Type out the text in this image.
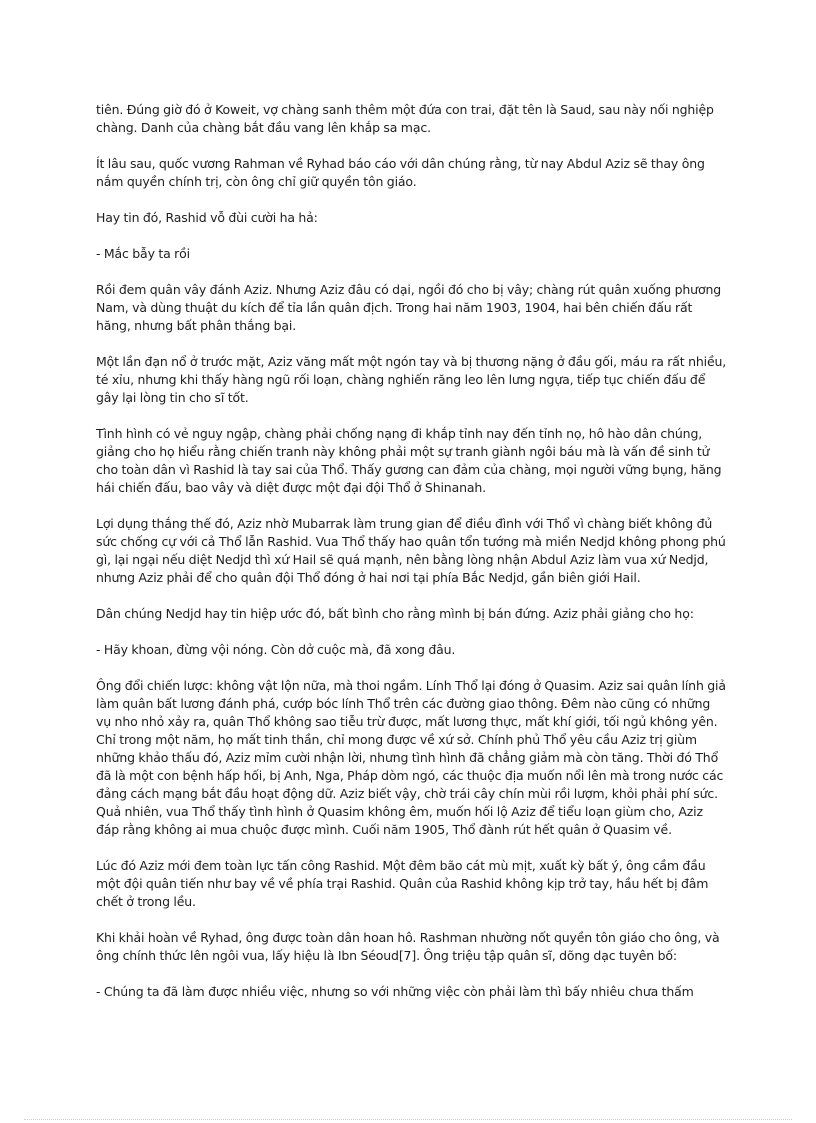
tiên. Đúng giờ đó ở Koweit, vợ chàng sanh thêm một đứa con trai, đặt tên là Saud, sau này nối nghiệp chàng. Danh của chàng bắt đầu vang lên khắp sa mạc.

Ít lâu sau, quốc vương Rahman về Ryhad báo cáo với dân chúng rằng, từ nay Abdul Aziz sẽ thay ông nắm quyền chính trị, còn ông chỉ giữ quyền tôn giáo.

Hay tin đó, Rashid vỗ đùi cười ha hả:

- Mắc bẫy ta rồi

Rồi đem quân vây đánh Aziz. Nhưng Aziz đâu có dại, ngồi đó cho bị vây; chàng rút quân xuống phương Nam, và dùng thuật du kích để tỉa lần quân địch. Trong hai năm 1903, 1904, hai bên chiến đấu rất hăng, nhưng bất phân thắng bại.

Một lần đạn nổ ở trước mặt, Aziz văng mất một ngón tay và bị thương nặng ở đầu gối, máu ra rất nhiều, té xỉu, nhưng khi thấy hàng ngũ rối loạn, chàng nghiến răng leo lên lưng ngựa, tiếp tục chiến đấu để gây lại lòng tin cho sĩ tốt.

Tình hình có vẻ nguy ngập, chàng phải chống nạng đi khắp tỉnh nay đến tỉnh nọ, hô hào dân chúng, giảng cho họ hiểu rằng chiến tranh này không phải một sự tranh giành ngôi báu mà là vấn đề sinh tử cho toàn dân vì Rashid là tay sai của Thổ. Thấy gương can đảm của chàng, mọi người vững bụng, hăng hái chiến đấu, bao vây và diệt được một đại đội Thổ ở Shinanah.

Lợi dụng thắng thế đó, Aziz nhờ Mubarrak làm trung gian để điều đình với Thổ vì chàng biết không đủ sức chống cự với cả Thổ lẫn Rashid. Vua Thổ thấy hao quân tổn tướng mà miền Nedjd không phong phú gì, lại ngại nếu diệt Nedjd thì xứ Hail sẽ quá mạnh, nên bằng lòng nhận Abdul Aziz làm vua xứ Nedjd, nhưng Aziz phải để cho quân đội Thổ đóng ở hai nơi tại phía Bắc Nedjd, gần biên giới Hail.

Dân chúng Nedjd hay tin hiệp ước đó, bất bình cho rằng mình bị bán đứng. Aziz phải giảng cho họ:

- Hãy khoan, đừng vội nóng. Còn dở cuộc mà, đã xong đâu.

Ông đổi chiến lược: không vật lộn nữa, mà thoi ngầm. Lính Thổ lại đóng ở Quasim. Aziz sai quân lính giả làm quân bất lương đánh phá, cướp bóc lính Thổ trên các đường giao thông. Đêm nào cũng có những vụ nho nhỏ xảy ra, quân Thổ không sao tiễu trừ được, mất lương thực, mất khí giới, tối ngủ không yên. Chỉ trong một năm, họ mất tinh thần, chỉ mong được về xứ sở. Chính phủ Thổ yêu cầu Aziz trị giùm những khảo thấu đó, Aziz mỉm cười nhận lời, nhưng tình hình đã chẳng giảm mà còn tăng. Thời đó Thổ đã là một con bệnh hấp hối, bị Anh, Nga, Pháp dòm ngó, các thuộc địa muốn nổi lên mà trong nước các đảng cách mạng bắt đầu hoạt động dữ. Aziz biết vậy, chờ trái cây chín mùi rồi lượm, khỏi phải phí sức. Quả nhiên, vua Thổ thấy tình hình ở Quasim không êm, muốn hối lộ Aziz để tiểu loạn giùm cho, Aziz đáp rằng không ai mua chuộc được mình. Cuối năm 1905, Thổ đành rút hết quân ở Quasim về.

Lúc đó Aziz mới đem toàn lực tấn công Rashid. Một đêm bão cát mù mịt, xuất kỳ bất ý, ông cầm đầu một đội quân tiến như bay về về phía trại Rashid. Quân của Rashid không kịp trở tay, hầu hết bị đâm chết ở trong lều.

Khi khải hoàn về Ryhad, ông được toàn dân hoan hô. Rashman nhường nốt quyền tôn giáo cho ông, và ông chính thức lên ngôi vua, lấy hiệu là Ibn Séoud[7]. Ông triệu tập quân sĩ, dõng dạc tuyên bố:

- Chúng ta đã làm được nhiều việc, nhưng so với những việc còn phải làm thì bấy nhiêu chưa thấm
